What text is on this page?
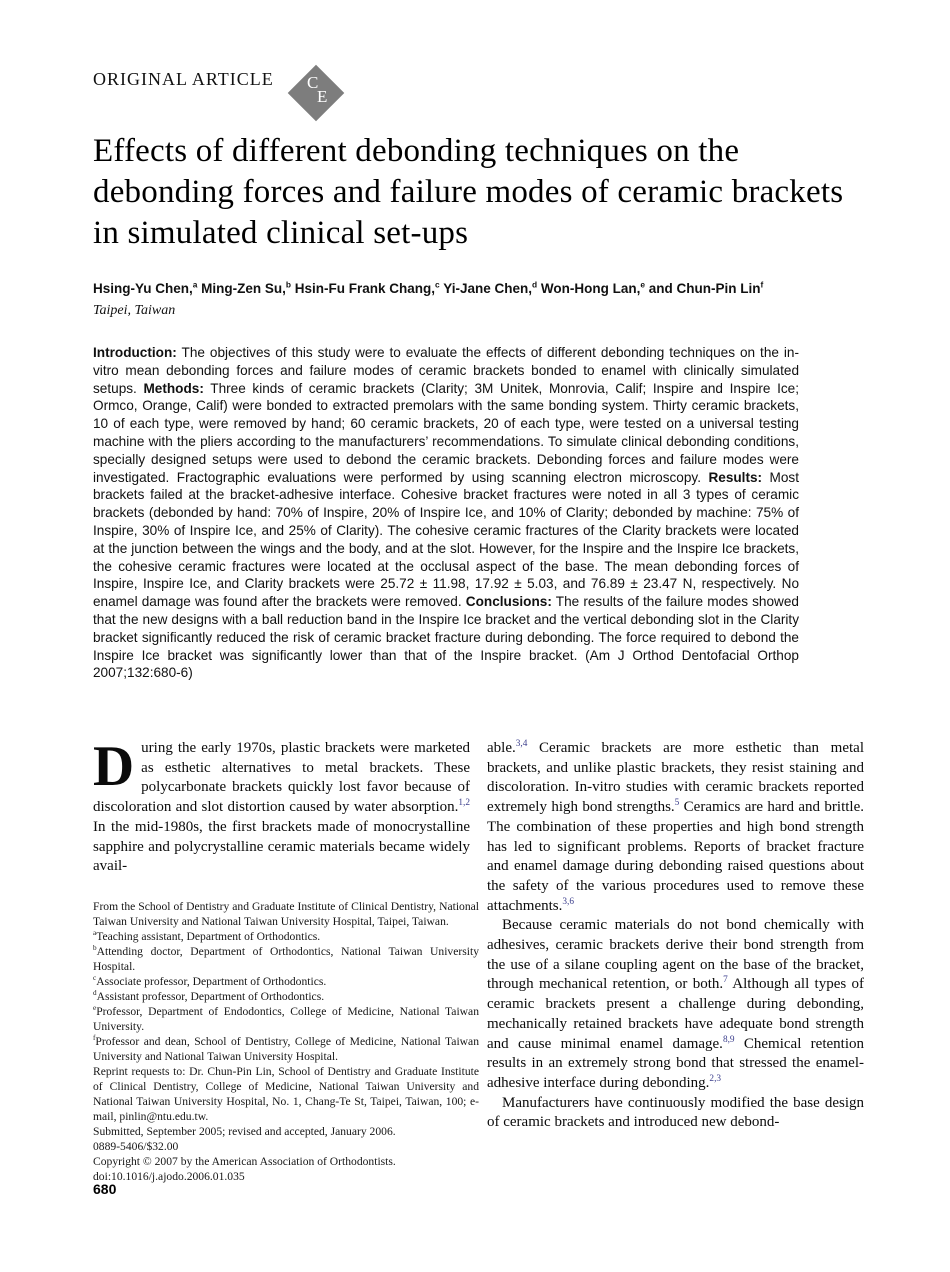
ORIGINAL ARTICLE C
E
Effects of different debonding techniques on the debonding forces and failure modes of ceramic brackets in simulated clinical set-ups
Hsing-Yu Chen,$^a$ Ming-Zen Su,$^b$ Hsin-Fu Frank Chang,$^c$ Yi-Jane Chen,$^d$ Won-Hong Lan,$^e$ and Chun-Pin Lin$^f$
Taipei, Taiwan
Introduction: The objectives of this study were to evaluate the effects of different debonding techniques on the in-vitro mean debonding forces and failure modes of ceramic brackets bonded to enamel with clinically simulated setups. Methods: Three kinds of ceramic brackets (Clarity; 3M Unitek, Monrovia, Calif; Inspire and Inspire Ice; Ormco, Orange, Calif) were bonded to extracted premolars with the same bonding system. Thirty ceramic brackets, 10 of each type, were removed by hand; 60 ceramic brackets, 20 of each type, were tested on a universal testing machine with the pliers according to the manufacturers’ recommendations. To simulate clinical debonding conditions, specially designed setups were used to debond the ceramic brackets. Debonding forces and failure modes were investigated. Fractographic evaluations were performed by using scanning electron microscopy. Results: Most brackets failed at the bracket-adhesive interface. Cohesive bracket fractures were noted in all 3 types of ceramic brackets (debonded by hand: 70% of Inspire, 20% of Inspire Ice, and 10% of Clarity; debonded by machine: 75% of Inspire, 30% of Inspire Ice, and 25% of Clarity). The cohesive ceramic fractures of the Clarity brackets were located at the junction between the wings and the body, and at the slot. However, for the Inspire and the Inspire Ice brackets, the cohesive ceramic fractures were located at the occlusal aspect of the base. The mean debonding forces of Inspire, Inspire Ice, and Clarity brackets were 25.72 ± 11.98, 17.92 ± 5.03, and 76.89 ± 23.47 N, respectively. No enamel damage was found after the brackets were removed. Conclusions: The results of the failure modes showed that the new designs with a ball reduction band in the Inspire Ice bracket and the vertical debonding slot in the Clarity bracket significantly reduced the risk of ceramic bracket fracture during debonding. The force required to debond the Inspire Ice bracket was significantly lower than that of the Inspire bracket. (Am J Orthod Dentofacial Orthop 2007;132:680-6)

During the early 1970s, plastic brackets were marketed as esthetic alternatives to metal brackets. These polycarbonate brackets quickly lost favor because of discoloration and slot distortion caused by water absorption.$^{1,2}$ In the mid-1980s, the first brackets made of monocrystalline sapphire and polycrystalline ceramic materials became widely avail-

able.$^{3,4}$ Ceramic brackets are more esthetic than metal brackets, and unlike plastic brackets, they resist staining and discoloration. In-vitro studies with ceramic brackets reported extremely high bond strengths.$^5$ Ceramics are hard and brittle. The combination of these properties and high bond strength has led to significant problems. Reports of bracket fracture and enamel damage during debonding raised questions about the safety of the various procedures used to remove these attachments.$^{3,6}$

Because ceramic materials do not bond chemically with adhesives, ceramic brackets derive their bond strength from the use of a silane coupling agent on the base of the bracket, through mechanical retention, or both.$^7$ Although all types of ceramic brackets present a challenge during debonding, mechanically retained brackets have adequate bond strength and cause minimal enamel damage.$^{8,9}$ Chemical retention results in an extremely strong bond that stressed the enamel-adhesive interface during debonding.$^{2,3}$

Manufacturers have continuously modified the base design of ceramic brackets and introduced new debond-

From the School of Dentistry and Graduate Institute of Clinical Dentistry, National Taiwan University and National Taiwan University Hospital, Taipei, Taiwan.

$^a$Teaching assistant, Department of Orthodontics.

$^b$Attending doctor, Department of Orthodontics, National Taiwan University Hospital.

$^c$Associate professor, Department of Orthodontics.

$^d$Assistant professor, Department of Orthodontics.

$^e$Professor, Department of Endodontics, College of Medicine, National Taiwan University.

$^f$Professor and dean, School of Dentistry, College of Medicine, National Taiwan University and National Taiwan University Hospital.

Reprint requests to: Dr. Chun-Pin Lin, School of Dentistry and Graduate Institute of Clinical Dentistry, College of Medicine, National Taiwan University and National Taiwan University Hospital, No. 1, Chang-Te St, Taipei, Taiwan, 100; e-mail, pinlin@ntu.edu.tw.

Submitted, September 2005; revised and accepted, January 2006.

0889-5406/$32.00

Copyright © 2007 by the American Association of Orthodontists.

doi:10.1016/j.ajodo.2006.01.035

680
